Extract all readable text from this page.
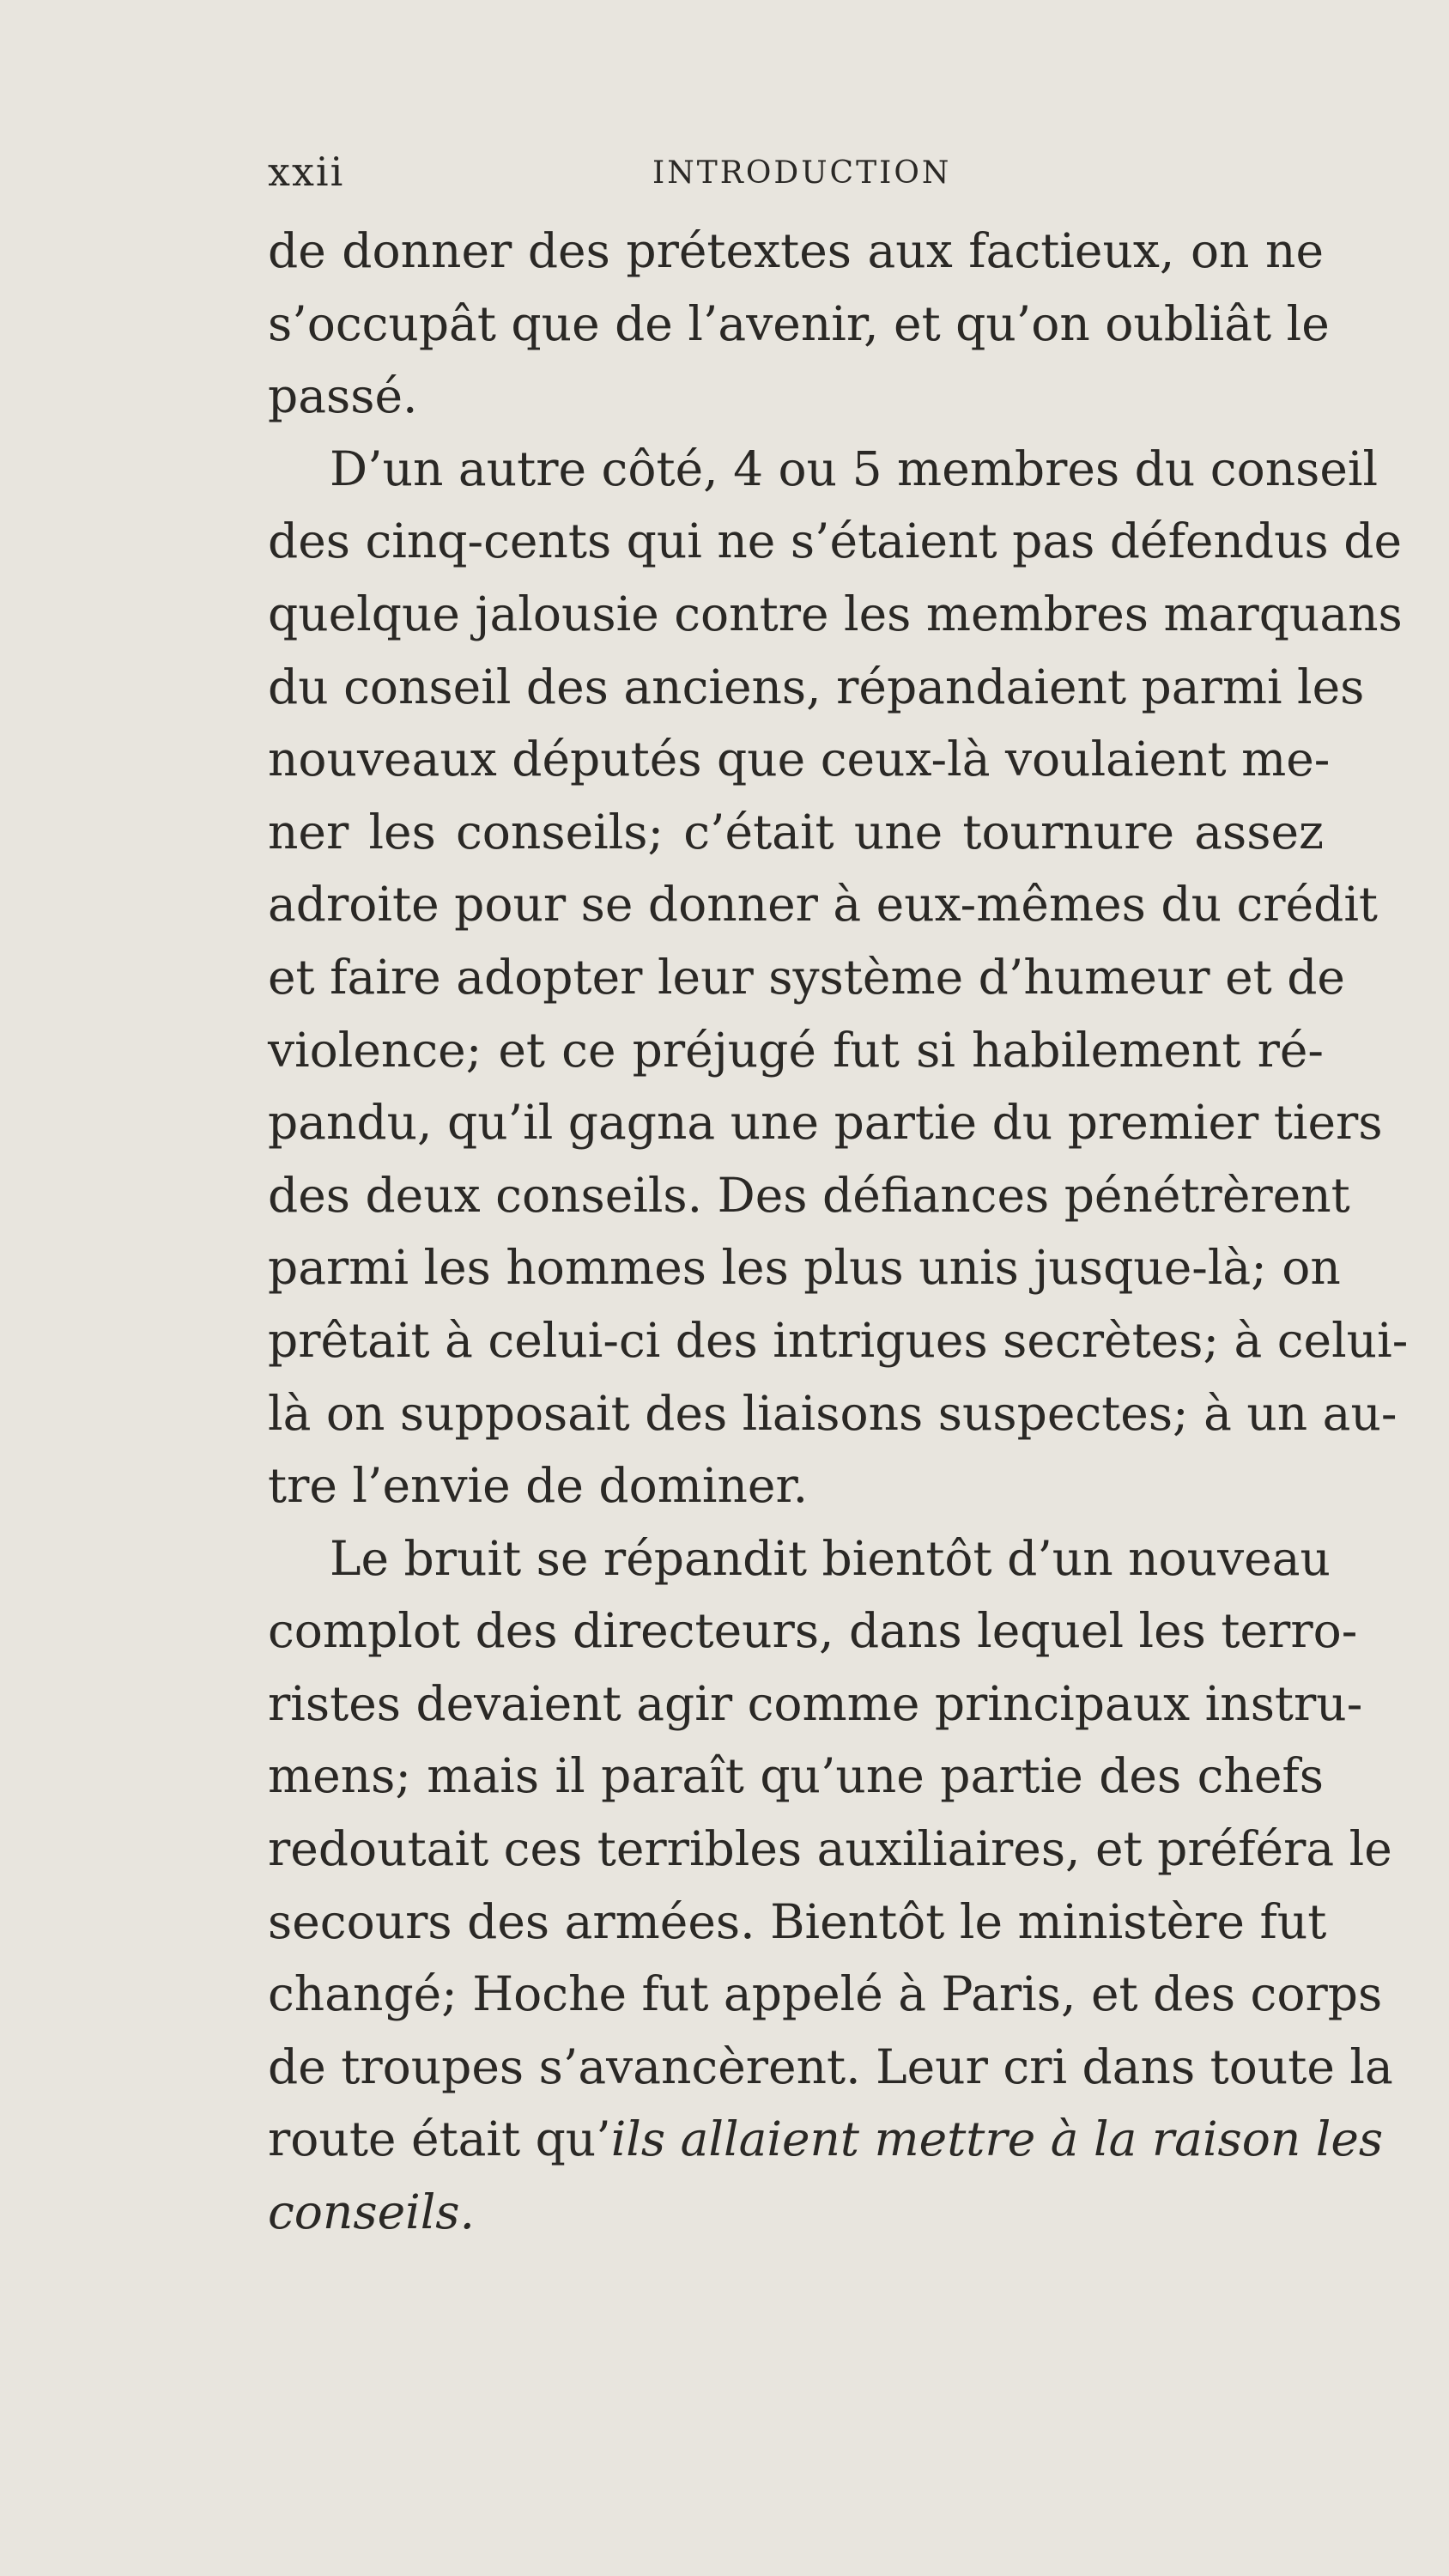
xxii	INTRODUCTION
de donner des prétextes aux factieux, on ne
s’occupât que de l’avenir, et qu’on oubliât le
passé.
D’un autre côté, 4 ou 5 membres du conseil
des cinq-cents qui ne s’étaient pas défendus de
quelque jalousie contre les membres marquans
du conseil des anciens, répandaient parmi les
nouveaux députés que ceux-là voulaient me-
ner les conseils; c’était une tournure assez
adroite pour se donner à eux-mêmes du crédit
et faire adopter leur système d’humeur et de
violence; et ce préjugé fut si habilement ré-
pandu, qu’il gagna une partie du premier tiers
des deux conseils. Des défiances pénétrèrent
parmi les hommes les plus unis jusque-là; on
prêtait à celui-ci des intrigues secrètes; à celui-
là on supposait des liaisons suspectes; à un au-
tre l’envie de dominer.
Le bruit se répandit bientôt d’un nouveau
complot des directeurs, dans lequel les terro-
ristes devaient agir comme principaux instru-
mens; mais il paraît qu’une partie des chefs
redoutait ces terribles auxiliaires, et préféra le
secours des armées. Bientôt le ministère fut
changé; Hoche fut appelé à Paris, et des corps
de troupes s’avancèrent. Leur cri dans toute la
route était qu’ils allaient mettre à la raison les
conseils.
